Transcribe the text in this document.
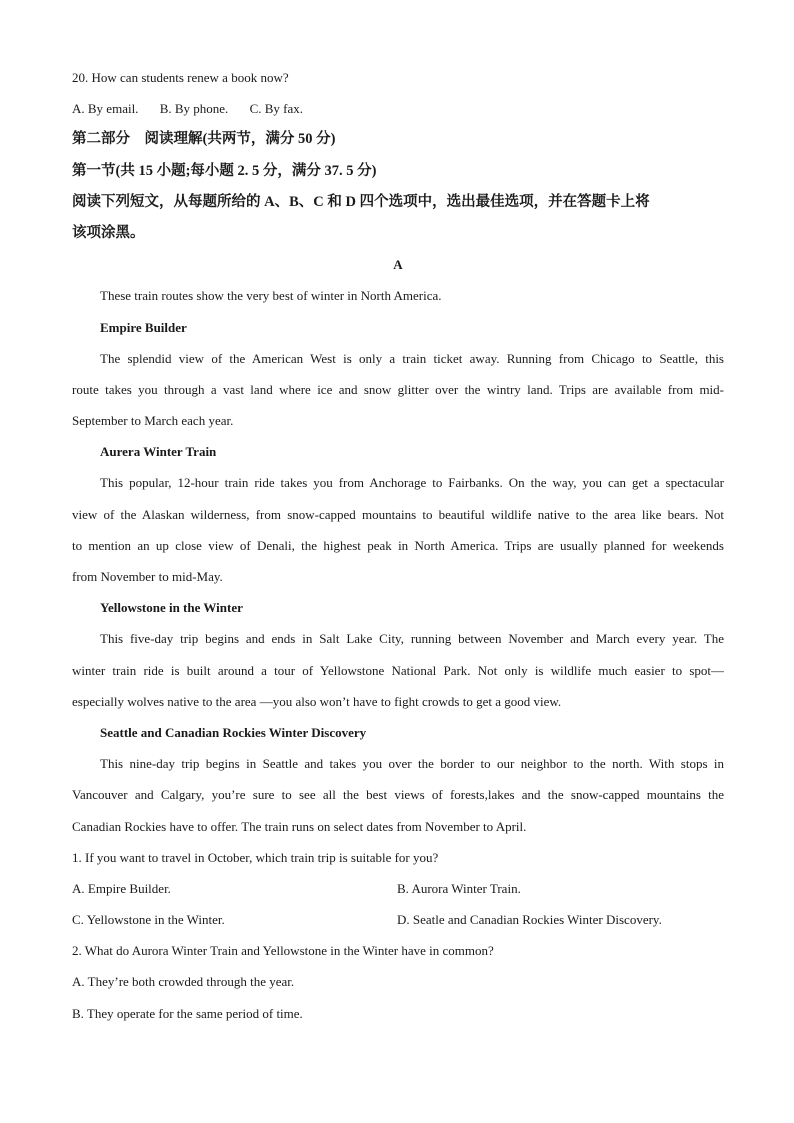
20. How can students renew a book now?
A. By email. B. By phone. C. By fax.
第二部分　阅读理解(共两节，满分 50 分)
第一节(共 15 小题;每小题 2. 5 分，满分 37. 5 分)
阅读下列短文，从每题所给的 A、B、C 和 D 四个选项中，选出最佳选项，并在答题卡上将
该项涂黑。
A
These train routes show the very best of winter in North America.
Empire Builder
The splendid view of the American West is only a train ticket away. Running from Chicago to Seattle, this
route takes you through a vast land where ice and snow glitter over the wintry land. Trips are available from mid-
September to March each year.
Aurera Winter Train
This popular, 12-hour train ride takes you from Anchorage to Fairbanks. On the way, you can get a spectacular
view of the Alaskan wilderness, from snow-capped mountains to beautiful wildlife native to the area like bears. Not
to mention an up close view of Denali, the highest peak in North America. Trips are usually planned for weekends
from November to mid-May.
Yellowstone in the Winter
This five-day trip begins and ends in Salt Lake City, running between November and March every year. The
winter train ride is built around a tour of Yellowstone National Park. Not only is wildlife much easier to spot—
especially wolves native to the area —you also won’t have to fight crowds to get a good view.
Seattle and Canadian Rockies Winter Discovery
This nine-day trip begins in Seattle and takes you over the border to our neighbor to the north. With stops in
Vancouver and Calgary, you’re sure to see all the best views of forests,lakes and the snow-capped mountains the
Canadian Rockies have to offer. The train runs on select dates from November to April.
1. If you want to travel in October, which train trip is suitable for you?
A. Empire Builder.	B. Aurora Winter Train.
C. Yellowstone in the Winter.	D. Seatle and Canadian Rockies Winter Discovery.
2. What do Aurora Winter Train and Yellowstone in the Winter have in common?
A. They’re both crowded through the year.
B. They operate for the same period of time.
